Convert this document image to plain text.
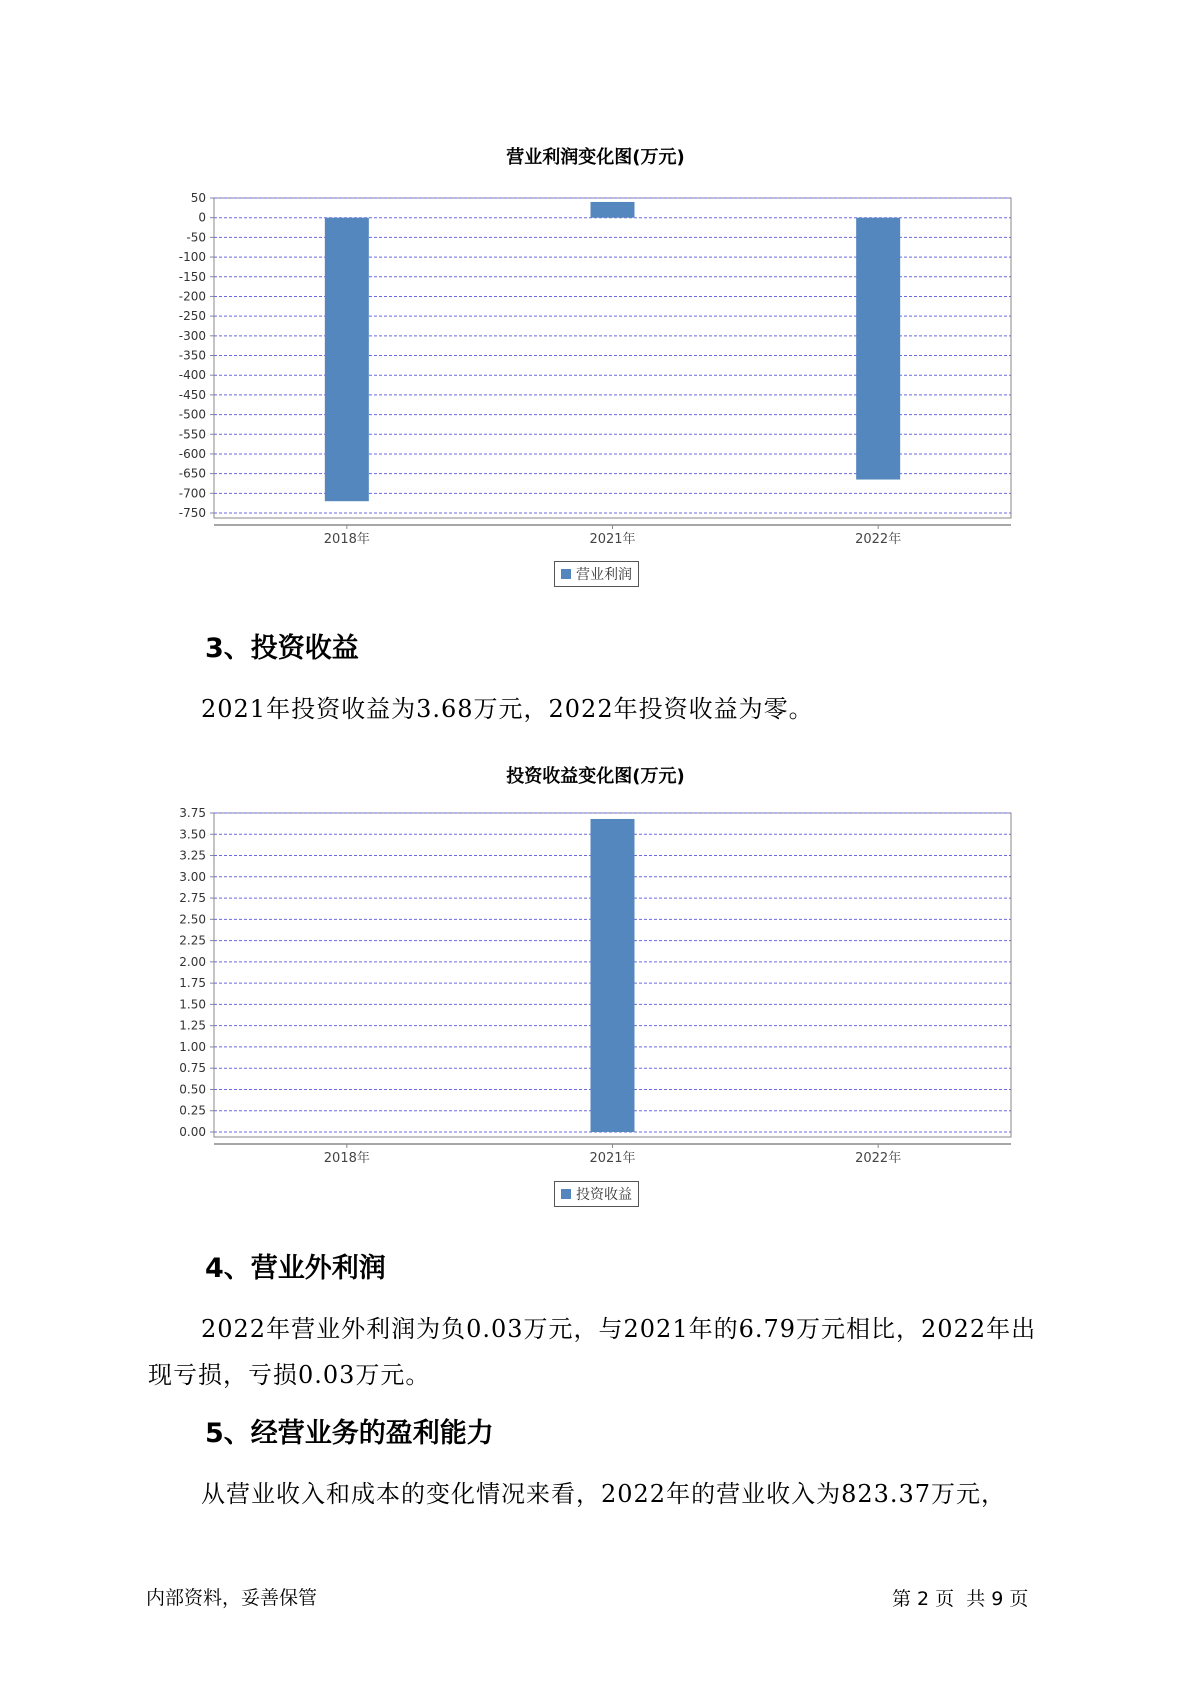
营业利润变化图(万元)
50
0
-50
-100
-150
-200
-250
-300
-350
-400
-450
-500
-550
-600
-650
-700
-750
2018年	2021年	2022年
营业利润
3、投资收益

2021年投资收益为3.68万元，2022年投资收益为零。

投资收益变化图(万元)
3.75
3.50
3.25
3.00
2.75
2.50
2.25
2.00
1.75
1.50
1.25
1.00
0.75
0.50
0.25
0.00
2018年	2021年	2022年
投资收益
4、营业外利润

2022年营业外利润为负0.03万元，与2021年的6.79万元相比，2022年出现亏损，亏损0.03万元。

5、经营业务的盈利能力

从营业收入和成本的变化情况来看，2022年的营业收入为823.37万元，

内部资料，妥善保管	第 2 页  共 9 页
